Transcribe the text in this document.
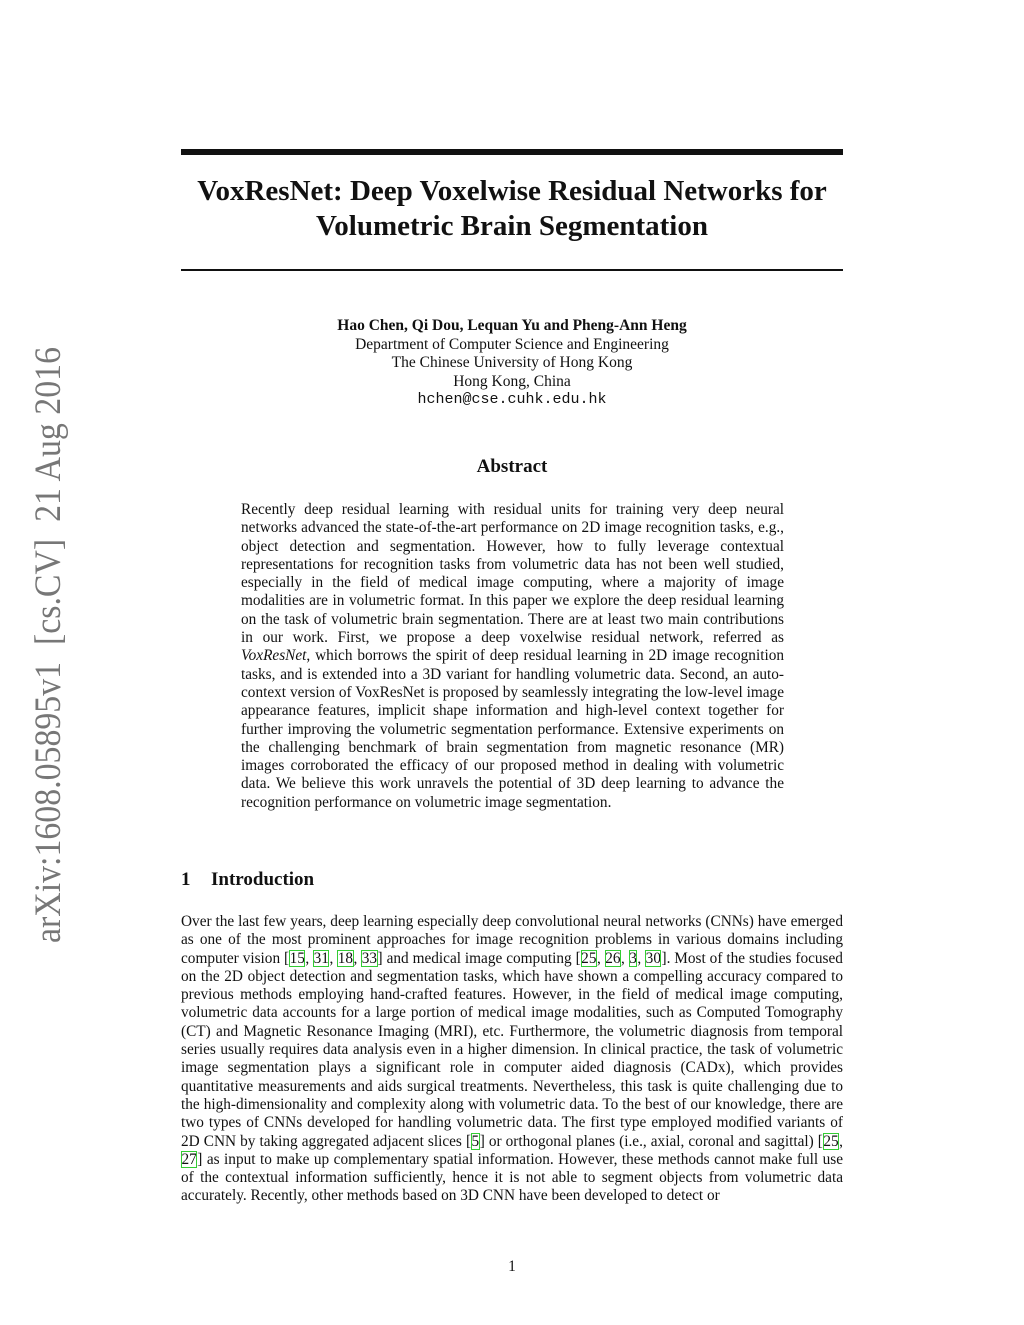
arXiv:1608.05895v1  [cs.CV]  21 Aug 2016
VoxResNet: Deep Voxelwise Residual Networks for
Volumetric Brain Segmentation
Hao Chen, Qi Dou, Lequan Yu and Pheng-Ann Heng
Department of Computer Science and Engineering
The Chinese University of Hong Kong
Hong Kong, China
hchen@cse.cuhk.edu.hk
Abstract

Recently deep residual learning with residual units for training very deep neural networks advanced the state-of-the-art performance on 2D image recognition tasks, e.g., object detection and segmentation. However, how to fully leverage contextual representations for recognition tasks from volumetric data has not been well studied, especially in the field of medical image computing, where a majority of image modalities are in volumetric format. In this paper we explore the deep residual learning on the task of volumetric brain segmentation. There are at least two main contributions in our work. First, we propose a deep voxelwise residual network, referred as VoxResNet, which borrows the spirit of deep residual learning in 2D image recognition tasks, and is extended into a 3D variant for handling volumetric data. Second, an auto-context version of VoxResNet is proposed by seamlessly integrating the low-level image appearance features, implicit shape information and high-level context together for further improving the volumetric segmentation performance. Extensive experiments on the challenging benchmark of brain segmentation from magnetic resonance (MR) images corroborated the efficacy of our proposed method in dealing with volumetric data. We believe this work unravels the potential of 3D deep learning to advance the recognition performance on volumetric image segmentation.

1 Introduction

Over the last few years, deep learning especially deep convolutional neural networks (CNNs) have emerged as one of the most prominent approaches for image recognition problems in various domains including computer vision [15, 31, 18, 33] and medical image computing [25, 26, 3, 30]. Most of the studies focused on the 2D object detection and segmentation tasks, which have shown a compelling accuracy compared to previous methods employing hand-crafted features. However, in the field of medical image computing, volumetric data accounts for a large portion of medical image modalities, such as Computed Tomography (CT) and Magnetic Resonance Imaging (MRI), etc. Furthermore, the volumetric diagnosis from temporal series usually requires data analysis even in a higher dimension. In clinical practice, the task of volumetric image segmentation plays a significant role in computer aided diagnosis (CADx), which provides quantitative measurements and aids surgical treatments. Nevertheless, this task is quite challenging due to the high-dimensionality and complexity along with volumetric data. To the best of our knowledge, there are two types of CNNs developed for handling volumetric data. The first type employed modified variants of 2D CNN by taking aggregated adjacent slices [5] or orthogonal planes (i.e., axial, coronal and sagittal) [25, 27] as input to make up complementary spatial information. However, these methods cannot make full use of the contextual information sufficiently, hence it is not able to segment objects from volumetric data accurately. Recently, other methods based on 3D CNN have been developed to detect or

1
